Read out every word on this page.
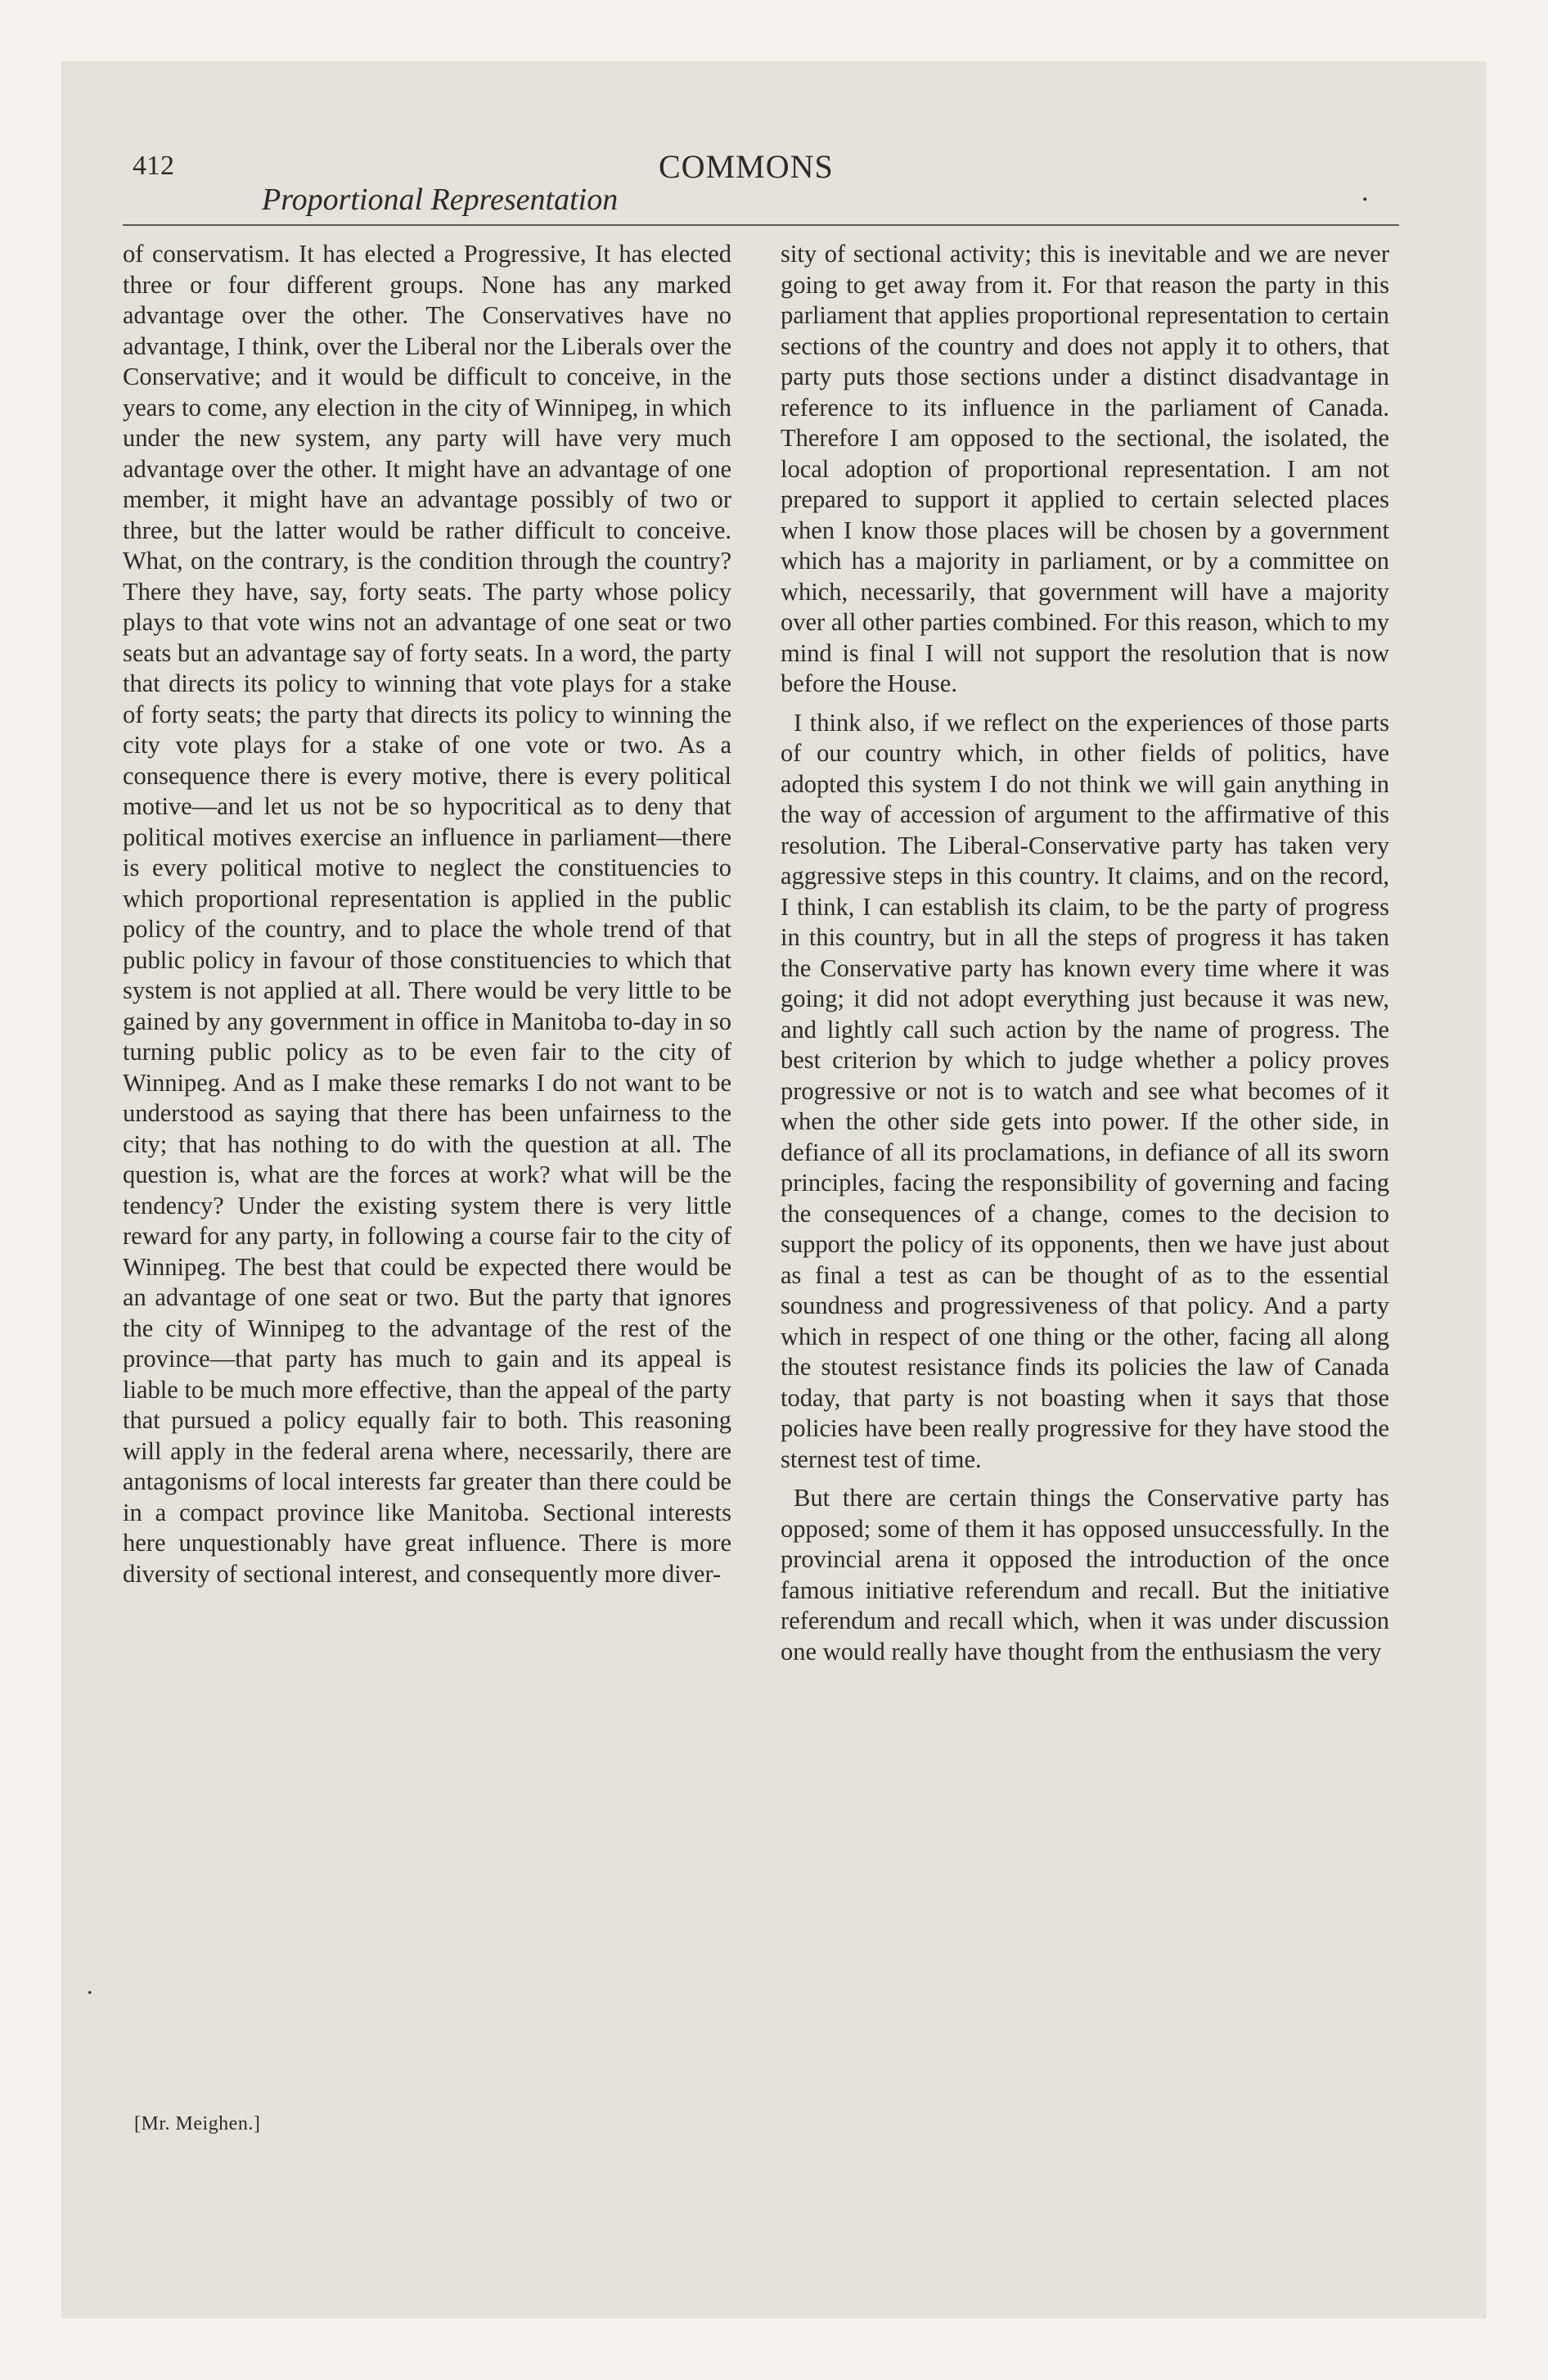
412	COMMONS
Proportional Representation	.
.

of conservatism. It has elected a Progressive, It has elected three or four different groups. None has any marked advantage over the other. The Conservatives have no advantage, I think, over the Liberal nor the Liberals over the Conservative; and it would be difficult to conceive, in the years to come, any election in the city of Winnipeg, in which under the new system, any party will have very much advantage over the other. It might have an advantage of one member, it might have an advantage possibly of two or three, but the latter would be rather difficult to conceive. What, on the contrary, is the condition through the country? There they have, say, forty seats. The party whose policy plays to that vote wins not an advantage of one seat or two seats but an advantage say of forty seats. In a word, the party that directs its policy to winning that vote plays for a stake of forty seats; the party that directs its policy to winning the city vote plays for a stake of one vote or two. As a consequence there is every motive, there is every political motive—and let us not be so hypocritical as to deny that political motives exercise an influence in parliament—there is every political motive to neglect the constituencies to which proportional representation is applied in the public policy of the country, and to place the whole trend of that public policy in favour of those constituencies to which that system is not applied at all. There would be very little to be gained by any government in office in Manitoba to-day in so turning public policy as to be even fair to the city of Winnipeg. And as I make these remarks I do not want to be understood as saying that there has been unfairness to the city; that has nothing to do with the question at all. The question is, what are the forces at work? what will be the tendency? Under the existing system there is very little reward for any party, in following a course fair to the city of Winnipeg. The best that could be expected there would be an advantage of one seat or two. But the party that ignores the city of Winnipeg to the advantage of the rest of the province—that party has much to gain and its appeal is liable to be much more effective, than the appeal of the party that pursued a policy equally fair to both. This reasoning will apply in the federal arena where, necessarily, there are antagonisms of local interests far greater than there could be in a compact province like Manitoba. Sectional interests here unquestionably have great influence. There is more diversity of sectional interest, and consequently more diver-

sity of sectional activity; this is inevitable and we are never going to get away from it. For that reason the party in this parliament that applies proportional representation to certain sections of the country and does not apply it to others, that party puts those sections under a distinct disadvantage in reference to its influence in the parliament of Canada. Therefore I am opposed to the sectional, the isolated, the local adoption of proportional representation. I am not prepared to support it applied to certain selected places when I know those places will be chosen by a government which has a majority in parliament, or by a committee on which, necessarily, that government will have a majority over all other parties combined. For this reason, which to my mind is final I will not support the resolution that is now before the House.

I think also, if we reflect on the experiences of those parts of our country which, in other fields of politics, have adopted this system I do not think we will gain anything in the way of accession of argument to the affirmative of this resolution. The Liberal-Conservative party has taken very aggressive steps in this country. It claims, and on the record, I think, I can establish its claim, to be the party of progress in this country, but in all the steps of progress it has taken the Conservative party has known every time where it was going; it did not adopt everything just because it was new, and lightly call such action by the name of progress. The best criterion by which to judge whether a policy proves progressive or not is to watch and see what becomes of it when the other side gets into power. If the other side, in defiance of all its proclamations, in defiance of all its sworn principles, facing the responsibility of governing and facing the consequences of a change, comes to the decision to support the policy of its opponents, then we have just about as final a test as can be thought of as to the essential soundness and progressiveness of that policy. And a party which in respect of one thing or the other, facing all along the stoutest resistance finds its policies the law of Canada today, that party is not boasting when it says that those policies have been really progressive for they have stood the sternest test of time.

But there are certain things the Conservative party has opposed; some of them it has opposed unsuccessfully. In the provincial arena it opposed the introduction of the once famous initiative referendum and recall. But the initiative referendum and recall which, when it was under discussion one would really have thought from the enthusiasm the very

[Mr. Meighen.]
